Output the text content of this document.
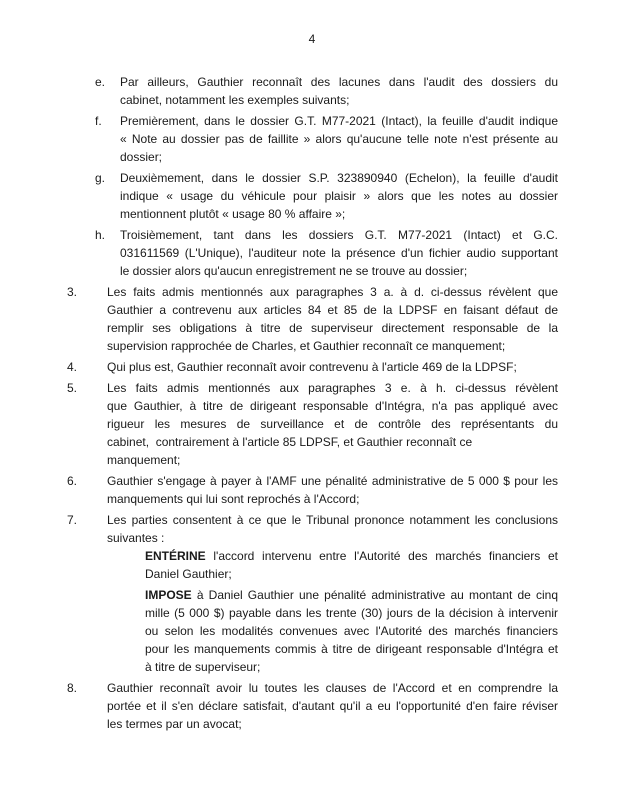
4
e.	Par ailleurs, Gauthier reconnaît des lacunes dans l'audit des dossiers du
cabinet, notamment les exemples suivants;
f.	Premièrement, dans le dossier G.T. M77-2021 (Intact), la feuille d'audit indique
« Note au dossier pas de faillite » alors qu'aucune telle note n'est présente au
dossier;
g.	Deuxièmement, dans le dossier S.P. 323890940 (Echelon), la feuille d'audit
indique « usage du véhicule pour plaisir » alors que les notes au dossier
mentionnent plutôt « usage 80 % affaire »;
h.	Troisièmement, tant dans les dossiers G.T. M77-2021 (Intact) et G.C.
031611569 (L'Unique), l'auditeur note la présence d'un fichier audio supportant
le dossier alors qu'aucun enregistrement ne se trouve au dossier;
3.	Les faits admis mentionnés aux paragraphes 3 a. à d. ci-dessus révèlent que
Gauthier a contrevenu aux articles 84 et 85 de la LDPSF en faisant défaut de
remplir ses obligations à titre de superviseur directement responsable de la
supervision rapprochée de Charles, et Gauthier reconnaît ce manquement;
4.	Qui plus est, Gauthier reconnaît avoir contrevenu à l'article 469 de la LDPSF;
5.	Les faits admis mentionnés aux paragraphes 3 e. à h. ci-dessus révèlent
que Gauthier, à titre de dirigeant responsable d'Intégra, n'a pas appliqué avec
rigueur les mesures de surveillance et de contrôle des représentants du
cabinet,  contrairement à l'article 85 LDPSF, et Gauthier reconnaît ce
manquement;
6.	Gauthier s'engage à payer à l'AMF une pénalité administrative de 5 000 $ pour les
manquements qui lui sont reprochés à l'Accord;
7.	Les parties consentent à ce que le Tribunal prononce notamment les conclusions
suivantes :
ENTÉRINE l'accord intervenu entre l'Autorité des marchés financiers et
Daniel Gauthier;
IMPOSE à Daniel Gauthier une pénalité administrative au montant de cinq
mille (5 000 $) payable dans les trente (30) jours de la décision à intervenir
ou selon les modalités convenues avec l'Autorité des marchés financiers
pour les manquements commis à titre de dirigeant responsable d'Intégra et
à titre de superviseur;
8.	Gauthier reconnaît avoir lu toutes les clauses de l'Accord et en comprendre la
portée et il s'en déclare satisfait, d'autant qu'il a eu l'opportunité d'en faire réviser
les termes par un avocat;
